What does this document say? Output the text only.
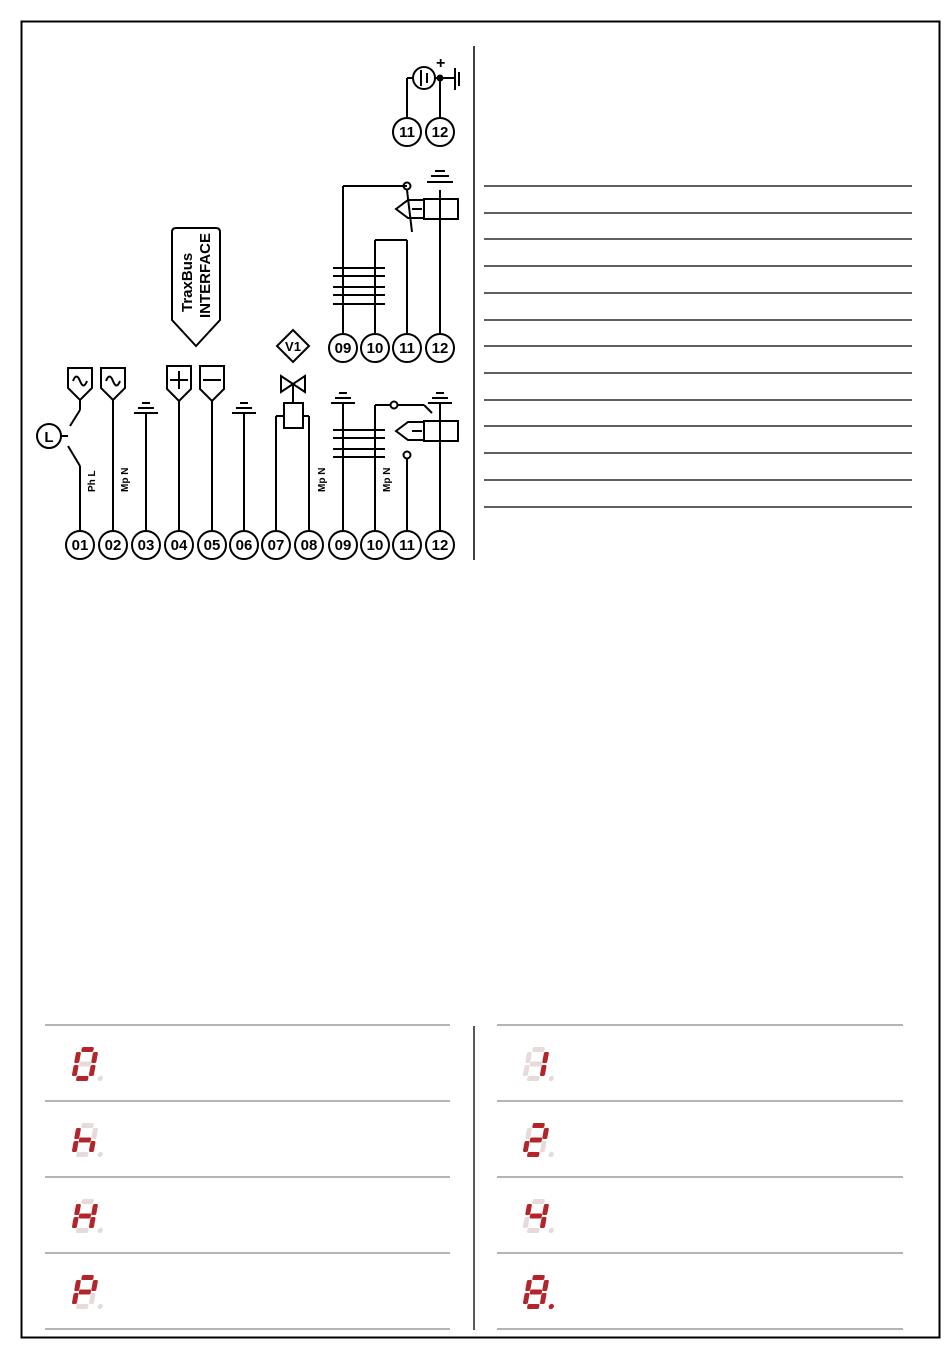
+
11 12
09 10 11 12
L
Ph L Mp N
TraxBus INTERFACE
V1
Mp N	Mp N
01 02 03 04 05 06 07 08 09 10 11 12
